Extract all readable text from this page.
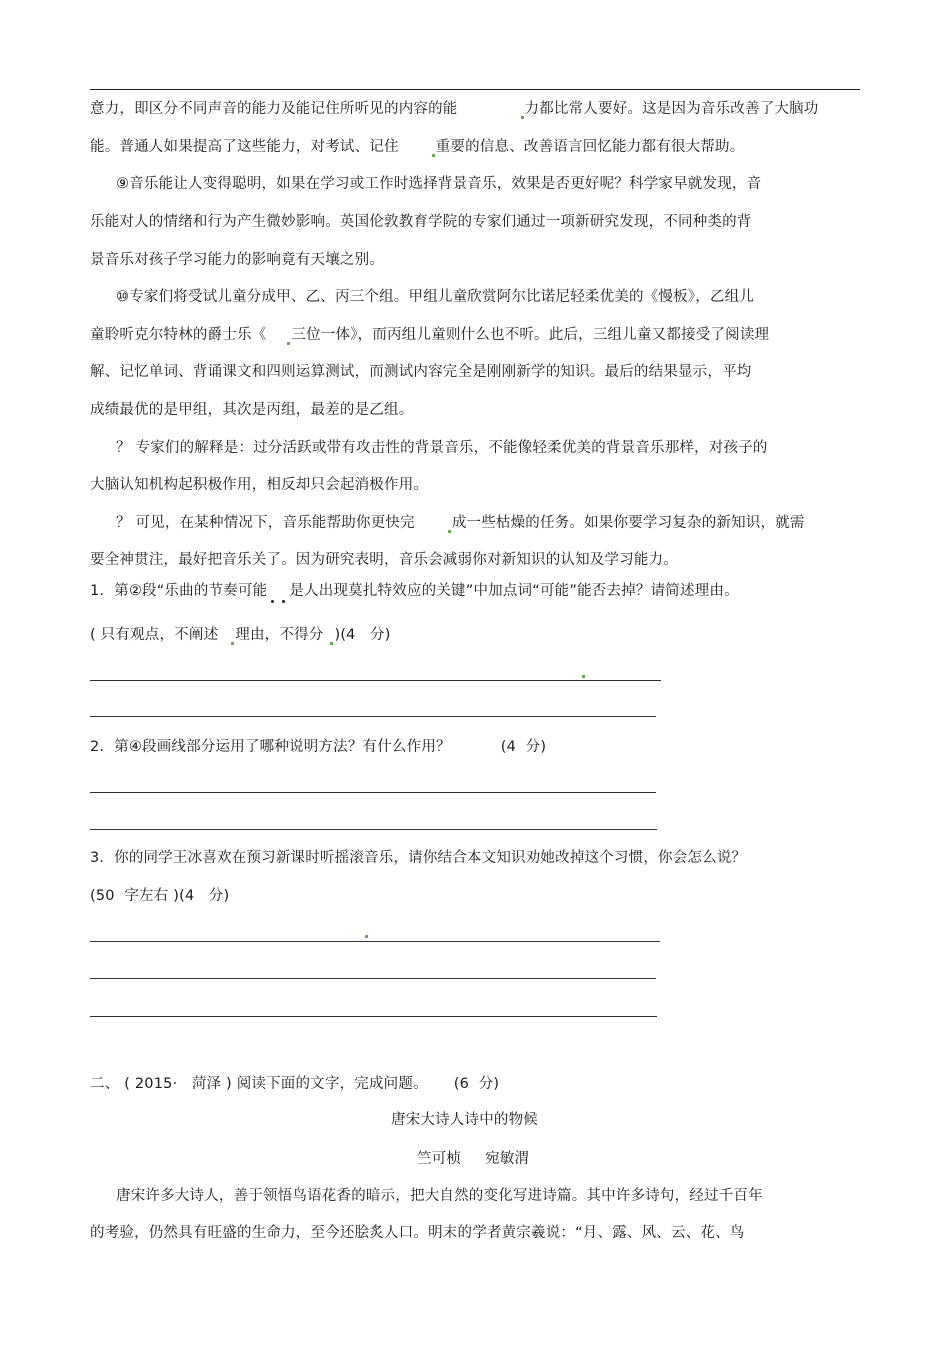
意力，即区分不同声音的能力及能记住所听见的内容的能	力都比常人要好。这是因为音乐改善了大脑功
能。普通人如果提高了这些能力，对考试、记住	重要的信息、改善语言回忆能力都有很大帮助。
⑨音乐能让人变得聪明，如果在学习或工作时选择背景音乐，效果是否更好呢？科学家早就发现，音
乐能对人的情绪和行为产生微妙影响。英国伦敦教育学院的专家们通过一项新研究发现，不同种类的背
景音乐对孩子学习能力的影响竟有天壤之别。
⑩专家们将受试儿童分成甲、乙、丙三个组。甲组儿童欣赏阿尔比诺尼轻柔优美的《慢板》，乙组儿
童聆听克尔特林的爵士乐《 三位一体》，而丙组儿童则什么也不听。此后，三组儿童又都接受了阅读理
解、记忆单词、背诵课文和四则运算测试，而测试内容完全是刚刚新学的知识。最后的结果显示，平均
成绩最优的是甲组，其次是丙组，最差的是乙组。
？ 专家们的解释是：过分活跃或带有攻击性的背景音乐，不能像轻柔优美的背景音乐那样，对孩子的
大脑认知机构起积极作用，相反却只会起消极作用。
？ 可见，在某种情况下，音乐能帮助你更快完	成一些枯燥的任务。如果你要学习复杂的新知识，就需
要全神贯注，最好把音乐关了。因为研究表明，音乐会减弱你对新知识的认知及学习能力。
1．第②段“乐曲的节奏可能 是人出现莫扎特效应的关键”中加点词“可能”能否去掉？请简述理由。
( 只有观点，不阐述 理由，不得分 )(4   分)
2．第④段画线部分运用了哪种说明方法？有什么作用？	(4  分)
3．你的同学王冰喜欢在预习新课时听摇滚音乐，请你结合本文知识劝她改掉这个习惯，你会怎么说？
(50  字左右 )(4   分)
二、 ( 2015·   菏泽 ) 阅读下面的文字，完成问题。 (6  分)
唐宋大诗人诗中的物候
竺可桢     宛敏渭
唐宋许多大诗人，善于领悟鸟语花香的暗示，把大自然的变化写进诗篇。其中许多诗句，经过千百年
的考验，仍然具有旺盛的生命力，至今还脍炙人口。明末的学者黄宗羲说：“月、露、风、云、花、鸟
